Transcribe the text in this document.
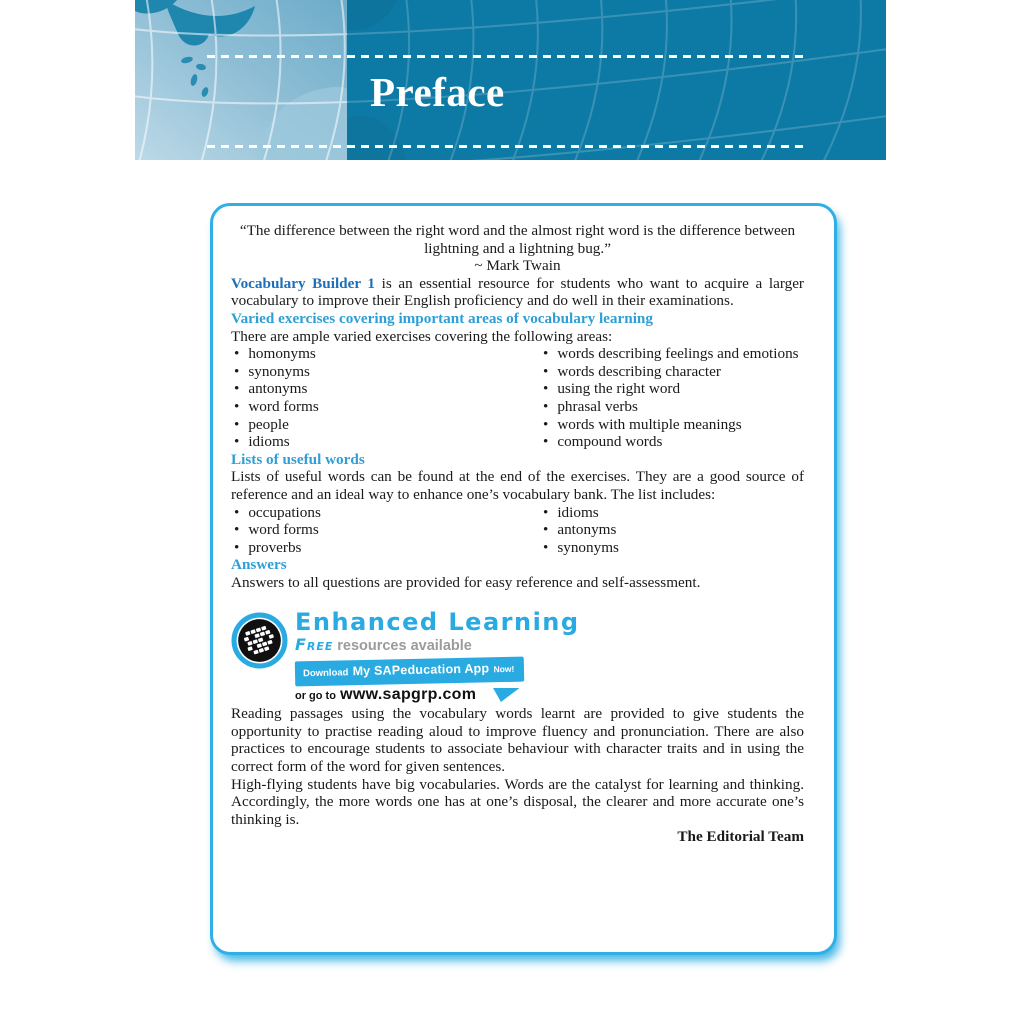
Preface

“The difference between the right word and the almost right word is the difference between lightning and a lightning bug.”
~ Mark Twain

Vocabulary Builder 1 is an essential resource for students who want to acquire a larger vocabulary to improve their English proficiency and do well in their examinations.

Varied exercises covering important areas of vocabulary learning

There are ample varied exercises covering the following areas:

• homonyms
• synonyms
• antonyms
• word forms
• people
• idioms
• words describing feelings and emotions
• words describing character
• using the right word
• phrasal verbs
• words with multiple meanings
• compound words

Lists of useful words

Lists of useful words can be found at the end of the exercises. They are a good source of reference and an ideal way to enhance one’s vocabulary bank. The list includes:

• occupations
• word forms
• proverbs
• idioms
• antonyms
• synonyms

Answers

Answers to all questions are provided for easy reference and self-assessment.

Enhanced Learning
Free resources available
Download My SAPeducation App Now!
or go to www.sapgrp.com

Reading passages using the vocabulary words learnt are provided to give students the opportunity to practise reading aloud to improve fluency and pronunciation. There are also practices to encourage students to associate behaviour with character traits and in using the correct form of the word for given sentences.

High-flying students have big vocabularies. Words are the catalyst for learning and thinking. Accordingly, the more words one has at one’s disposal, the clearer and more accurate one’s thinking is.

The Editorial Team
